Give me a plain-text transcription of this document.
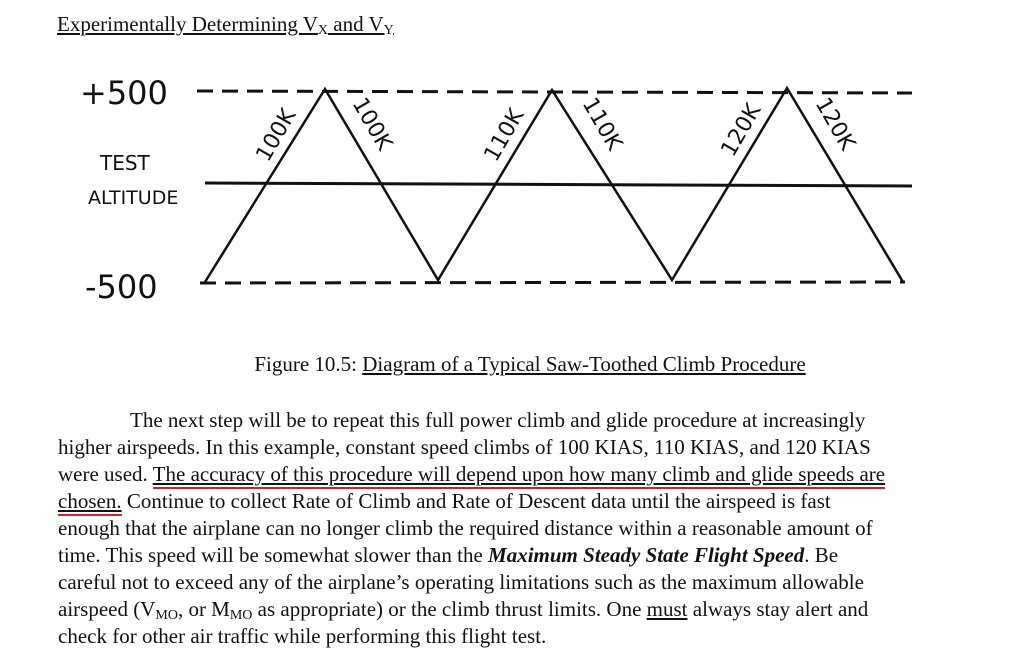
Experimentally Determining $V_X$ and $V_Y$
+500
-500
TEST
ALTITUDE
100K 100K	110K 110K	120K 120K
Figure 10.5: Diagram of a Typical Saw-Toothed Climb Procedure
The next step will be to repeat this full power climb and glide procedure at increasingly
higher airspeeds. In this example, constant speed climbs of 100 KIAS, 110 KIAS, and 120 KIAS
were used. The accuracy of this procedure will depend upon how many climb and glide speeds are
chosen. Continue to collect Rate of Climb and Rate of Descent data until the airspeed is fast
enough that the airplane can no longer climb the required distance within a reasonable amount of
time. This speed will be somewhat slower than the Maximum Steady State Flight Speed. Be
careful not to exceed any of the airplane’s operating limitations such as the maximum allowable
airspeed ($V_{MO}$, or $M_{MO}$ as appropriate) or the climb thrust limits. One must always stay alert and
check for other air traffic while performing this flight test.
